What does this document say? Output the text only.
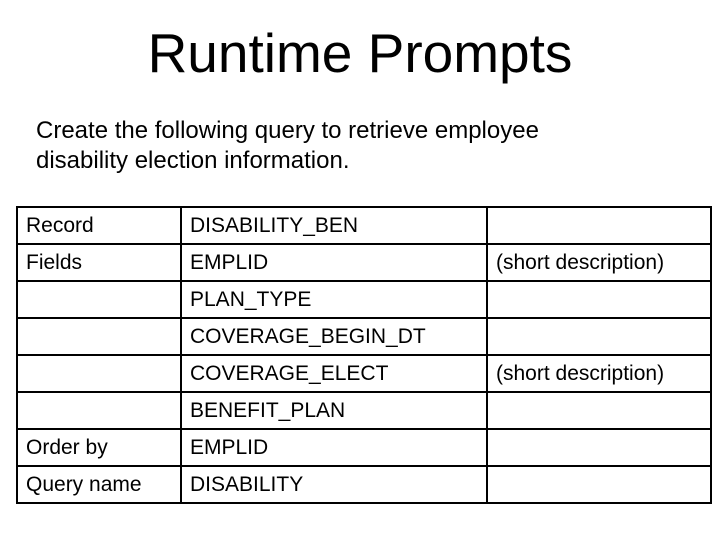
Runtime Prompts
Create the following query to retrieve employee
disability election information.
Record	DISABILITY_BEN	
Fields	EMPLID	(short description)
	PLAN_TYPE	
	COVERAGE_BEGIN_DT	
	COVERAGE_ELECT	(short description)
	BENEFIT_PLAN	
Order by	EMPLID	
Query name	DISABILITY	
